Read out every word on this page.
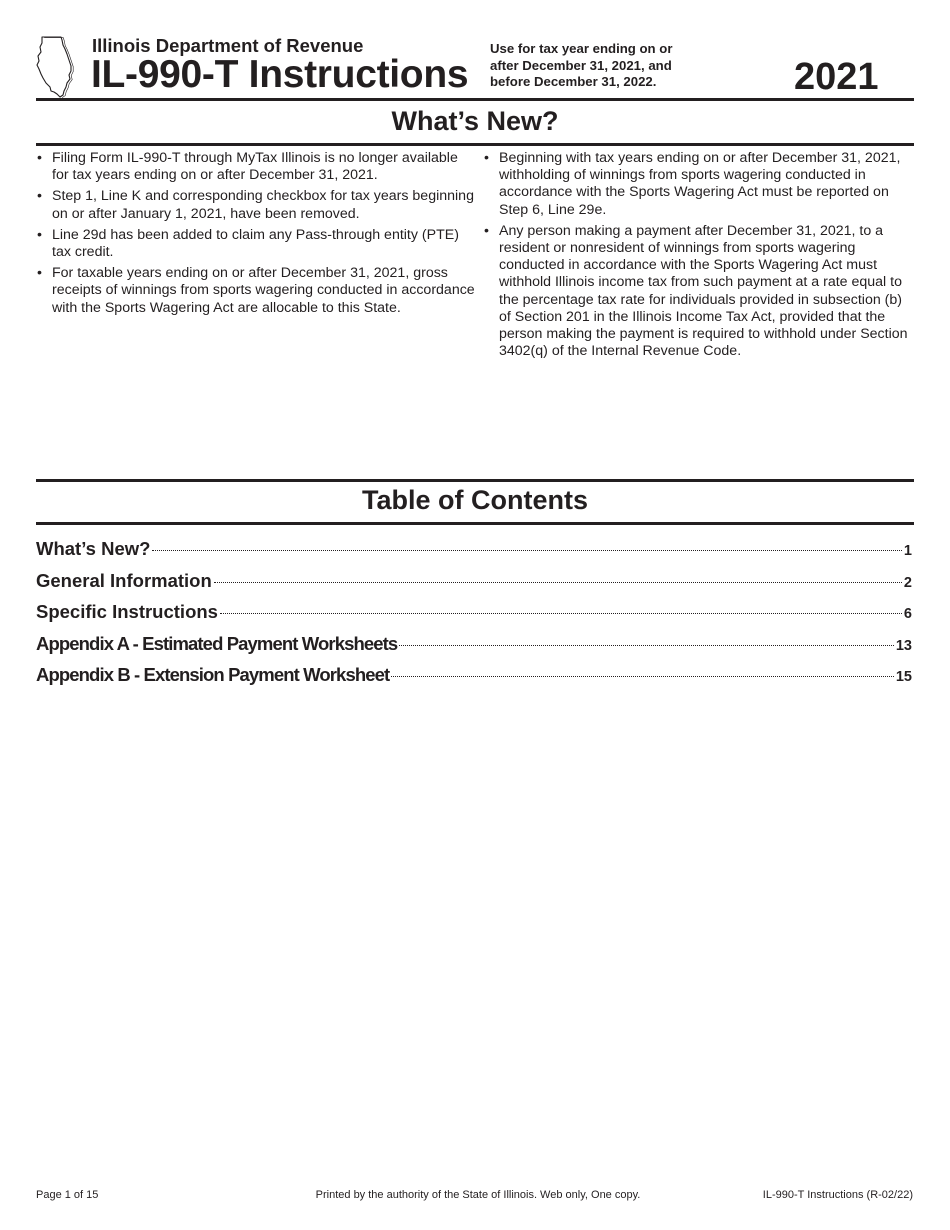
Illinois Department of Revenue
IL-990-T Instructions
Use for tax year ending on or
after December 31, 2021, and
before December 31, 2022.	2021
What’s New?
• Filing Form IL-990-T through MyTax Illinois is no longer available for tax years ending on or after December 31, 2021.
• Step 1, Line K and corresponding checkbox for tax years beginning on or after January 1, 2021, have been removed.
• Line 29d has been added to claim any Pass-through entity (PTE) tax credit.
• For taxable years ending on or after December 31, 2021, gross receipts of winnings from sports wagering conducted in accordance with the Sports Wagering Act are allocable to this State.
• Beginning with tax years ending on or after December 31, 2021, withholding of winnings from sports wagering conducted in accordance with the Sports Wagering Act must be reported on Step 6, Line 29e.
• Any person making a payment after December 31, 2021, to a resident or nonresident of winnings from sports wagering conducted in accordance with the Sports Wagering Act must withhold Illinois income tax from such payment at a rate equal to the percentage tax rate for individuals provided in subsection (b) of Section 201 in the Illinois Income Tax Act, provided that the person making the payment is required to withhold under Section 3402(q) of the Internal Revenue Code.
Table of Contents
What’s New?	1
General Information	2
Specific Instructions	6
Appendix A - Estimated Payment Worksheets	13
Appendix B - Extension Payment Worksheet	15
Page 1 of 15	Printed by the authority of the State of Illinois. Web only, One copy.	IL-990-T Instructions (R-02/22)
